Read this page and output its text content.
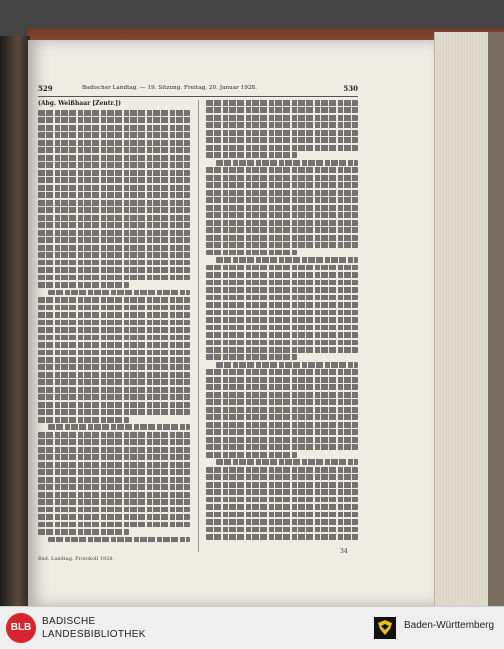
529	Badischer Landtag. — 19. Sitzung. Freitag, 20. Januar 1928.	530
(Abg. Weißhaar [Zentr.])
Bad. Landtag. Protokoll 1928.
34
BLB
BADISCHE
LANDESBIBLIOTHEK
Baden-Württemberg
